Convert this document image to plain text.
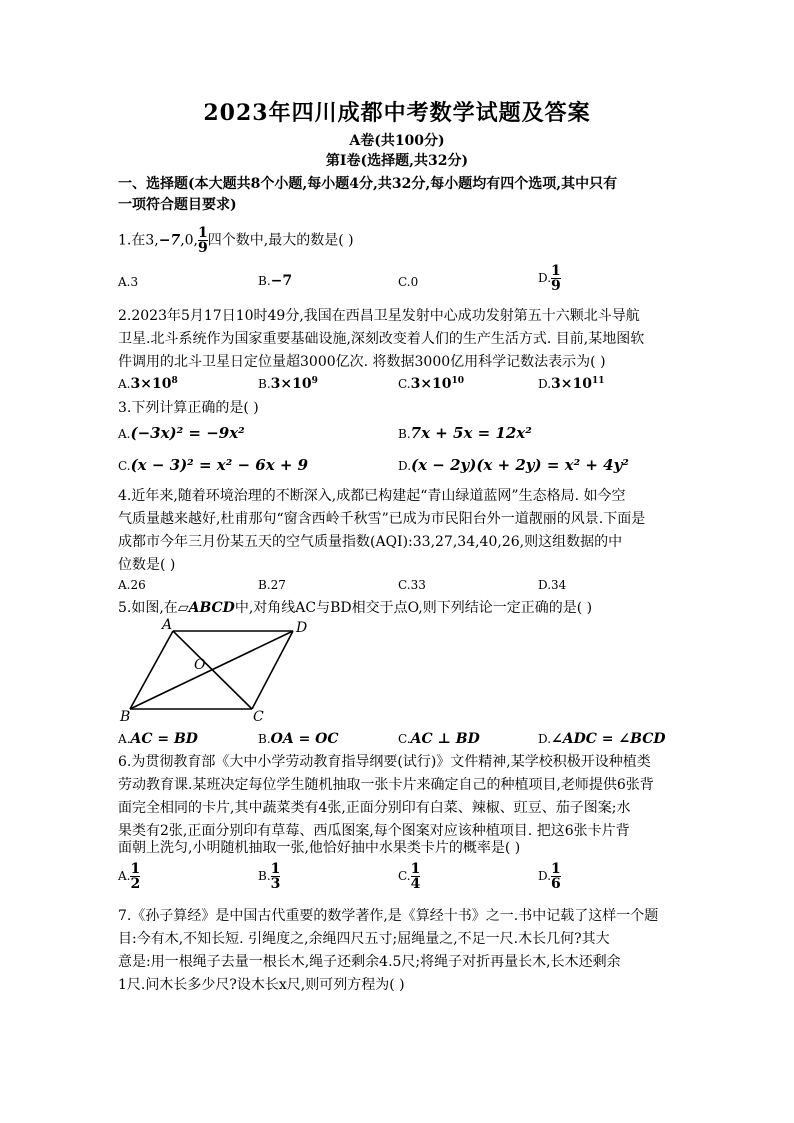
2023年四川成都中考数学试题及答案
A卷(共100分)
第Ⅰ卷(选择题,共32分)
一、选择题(本大题共8个小题,每小题4分,共32分,每小题均有四个选项,其中只有
一项符合题目要求)
1.在3,−7,0, $\frac{1}{9}$ 四个数中,最大的数是( )
A.3	B.−7	C.0	D. $\frac{1}{9}$
2.2023年5月17日10时49分,我国在西昌卫星发射中心成功发射第五十六颗北斗导航
卫星.北斗系统作为国家重要基础设施,深刻改变着人们的生产生活方式. 目前,某地图软
件调用的北斗卫星日定位量超3000亿次. 将数据3000亿用科学记数法表示为( )
$A.3\times 10^8$	$B.3\times 10^9$	$C.3\times 10^{10}$	$D.3\times 10^{11}$
3.下列计算正确的是( )
A.(−3x)² = −9x²	B.7x + 5x = 12x²
C.(x − 3)² = x² − 6x + 9	D.(x − 2y)(x + 2y) = x² + 4y²
4.近年来,随着环境治理的不断深入,成都已构建起“青山绿道蓝网”生态格局. 如今空
气质量越来越好,杜甫那句“窗含西岭千秋雪”已成为市民阳台外一道靓丽的风景.下面是
成都市今年三月份某五天的空气质量指数(AQI):33,27,34,40,26,则这组数据的中
位数是( )
A.26	B.27	C.33	D.34
5.如图,在▱ABCD中,对角线AC与BD相交于点O,则下列结论一定正确的是( )
A	D
B	C
O
A.AC = BD	B.OA = OC	C.AC ⊥ BD	D.∠ADC = ∠BCD
6.为贯彻教育部《大中小学劳动教育指导纲要(试行)》文件精神,某学校积极开设种植类
劳动教育课.某班决定每位学生随机抽取一张卡片来确定自己的种植项目,老师提供6张背
面完全相同的卡片,其中蔬菜类有4张,正面分别印有白菜、辣椒、豇豆、茄子图案;水
果类有2张,正面分别印有草莓、西瓜图案,每个图案对应该种植项目. 把这6张卡片背
面朝上洗匀,小明随机抽取一张,他恰好抽中水果类卡片的概率是( )
A. $\frac{1}{2}$	B. $\frac{1}{3}$	C. $\frac{1}{4}$	D. $\frac{1}{6}$
7.《孙子算经》是中国古代重要的数学著作,是《算经十书》之一.书中记载了这样一个题
目:今有木,不知长短. 引绳度之,余绳四尺五寸;屈绳量之,不足一尺.木长几何?其大
意是:用一根绳子去量一根长木,绳子还剩余4.5尺;将绳子对折再量长木,长木还剩余
1尺.问木长多少尺?设木长x尺,则可列方程为( )
